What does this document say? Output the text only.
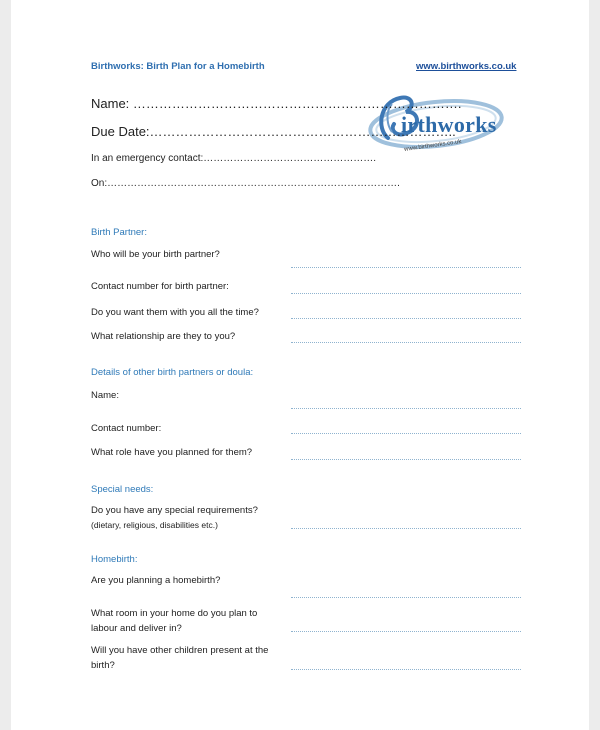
Birthworks: Birth Plan for a Homebirth	www.birthworks.co.uk
irthworks
www.birthworks.co.uk
Name: ………………………………………………………………….
Due Date:……………………………………………………………..
In an emergency contact:…………………………………………….
On:…………………………………………………………………………….
Birth Partner:
Who will be your birth partner?
Contact number for birth partner:
Do you want them with you all the time?
What relationship are they to you?
Details of other birth partners or doula:
Name:
Contact number:
What role have you planned for them?
Special needs:
Do you have any special requirements?
(dietary, religious, disabilities etc.)
Homebirth:
Are you planning a homebirth?
What room in your home do you plan to
labour and deliver in?
Will you have other children present at the
birth?
